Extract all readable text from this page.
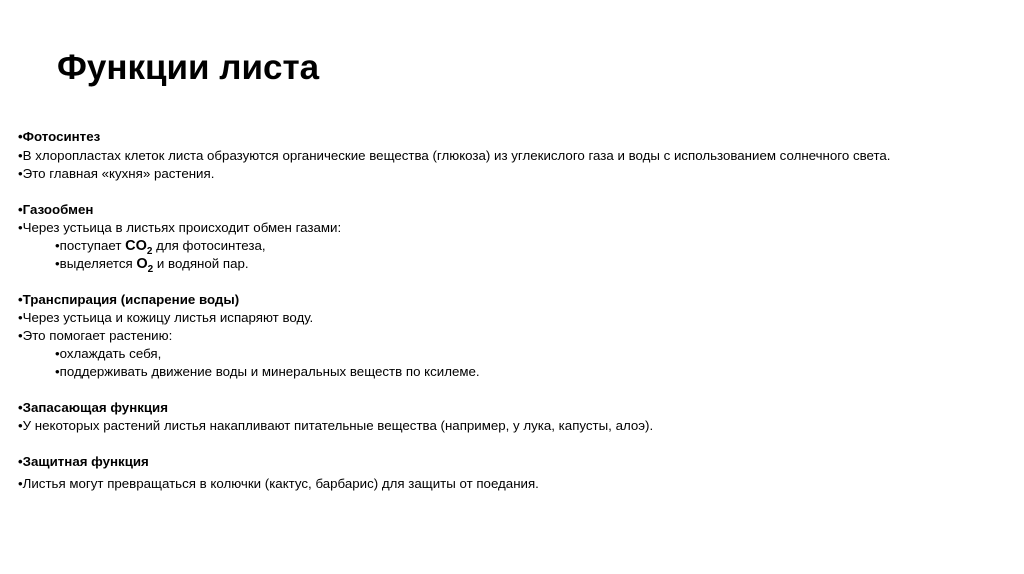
Функции листа
•Фотосинтез
•В хлоропластах клеток листа образуются органические вещества (глюкоза) из углекислого газа и воды с использованием солнечного света.
•Это главная «кухня» растения.
•Газообмен
•Через устьица в листьях происходит обмен газами:
•поступает $CO_2$ для фотосинтеза,
•выделяется $O_2$ и водяной пар.
•Транспирация (испарение воды)
•Через устьица и кожицу листья испаряют воду.
•Это помогает растению:
•охлаждать себя,
•поддерживать движение воды и минеральных веществ по ксилеме.
•Запасающая функция
•У некоторых растений листья накапливают питательные вещества (например, у лука, капусты, алоэ).
•Защитная функция
•Листья могут превращаться в колючки (кактус, барбарис) для защиты от поедания.
